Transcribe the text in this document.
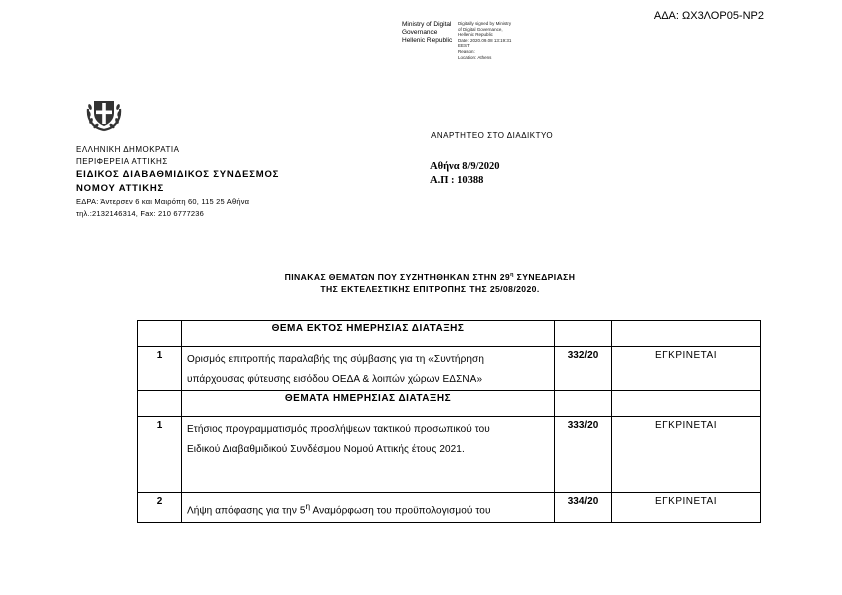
ΑΔΑ: ΩΧ3ΛΟΡ05-ΝΡ2
Ministry of Digital
Governance
Hellenic Republic

Digitally signed by Ministry
of Digital Governance,
Hellenic Republic
Date: 2020.09.08 13:19:31
EEST
Reason:
Location: Athens
ΕΛΛΗΝΙΚΗ ΔΗΜΟΚΡΑΤΙΑ
ΠΕΡΙΦΕΡΕΙΑ ΑΤΤΙΚΗΣ
ΕΙΔΙΚΟΣ ΔΙΑΒΑΘΜΙΔΙΚΟΣ ΣΥΝΔΕΣΜΟΣ
ΝΟΜΟΥ ΑΤΤΙΚΗΣ
ΕΔΡΑ: Άντερσεν 6 και Μαιρόπη 60, 115 25 Αθήνα
τηλ.:2132146314, Fax: 210 6777236
ΑΝΑΡΤΗΤΕΟ ΣΤΟ ΔΙΑΔΙΚΤΥΟ
Αθήνα 8/9/2020
Α.Π : 10388
ΠΙΝΑΚΑΣ ΘΕΜΑΤΩΝ ΠΟΥ ΣΥΖΗΤΗΘΗΚΑΝ ΣΤΗΝ $29^\eta$ ΣΥΝΕΔΡΙΑΣΗ
ΤΗΣ ΕΚΤΕΛΕΣΤΙΚΗΣ ΕΠΙΤΡΟΠΗΣ ΤΗΣ 25/08/2020.
	ΘΕΜΑ ΕΚΤΟΣ ΗΜΕΡΗΣΙΑΣ ΔΙΑΤΑΞΗΣ		
1	Ορισμός επιτροπής παραλαβής της σύμβασης για τη «Συντήρηση
υπάρχουσας φύτευσης εισόδου ΟΕΔΑ & λοιπών χώρων ΕΔΣΝΑ»	332/20	ΕΓΚΡΙΝΕΤΑΙ
	ΘΕΜΑΤΑ ΗΜΕΡΗΣΙΑΣ ΔΙΑΤΑΞΗΣ		
1	Ετήσιος προγραμματισμός προσλήψεων τακτικού προσωπικού του
Ειδικού Διαβαθμιδικού Συνδέσμου Νομού Αττικής έτους 2021.	333/20	ΕΓΚΡΙΝΕΤΑΙ
2	Λήψη απόφασης για την $5^\eta$ Αναμόρφωση του προϋπολογισμού του	334/20	ΕΓΚΡΙΝΕΤΑΙ
